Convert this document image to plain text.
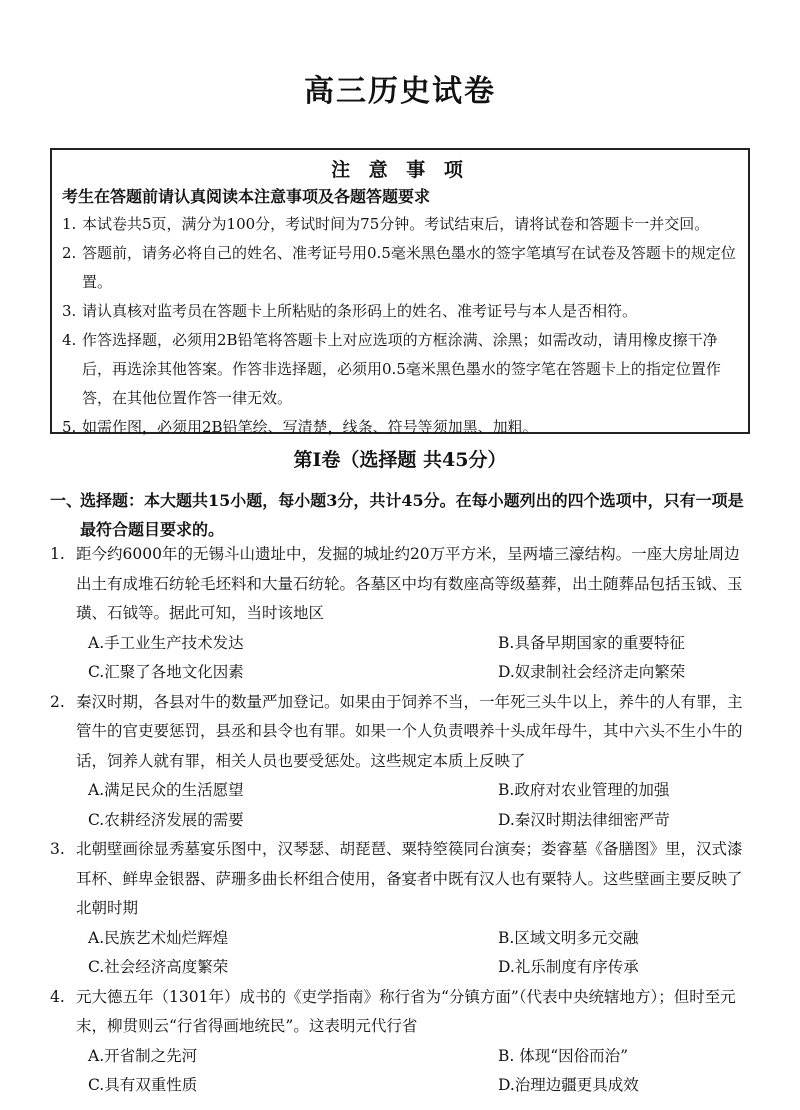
高三历史试卷
注 意 事 项
考生在答题前请认真阅读本注意事项及各题答题要求
1. 本试卷共5页，满分为100分，考试时间为75分钟。考试结束后，请将试卷和答题卡一并交回。
2. 答题前，请务必将自己的姓名、准考证号用0.5毫米黑色墨水的签字笔填写在试卷及答题卡的规定位置。
3. 请认真核对监考员在答题卡上所粘贴的条形码上的姓名、准考证号与本人是否相符。
4. 作答选择题，必须用2B铅笔将答题卡上对应选项的方框涂满、涂黑；如需改动，请用橡皮擦干净后，再选涂其他答案。作答非选择题，必须用0.5毫米黑色墨水的签字笔在答题卡上的指定位置作答，在其他位置作答一律无效。
5. 如需作图，必须用2B铅笔绘、写清楚，线条、符号等须加黑、加粗。
第Ⅰ卷（选择题 共45分）
一、
选择题：本大题共15小题，每小题3分，共计45分。在每小题列出的四个选项中，只有一项是最符合题目要求的。
1. 距今约6000年的无锡斗山遗址中，发掘的城址约20万平方米，呈两墙三濠结构。一座大房址周边出土有成堆石纺轮毛坯料和大量石纺轮。各墓区中均有数座高等级墓葬，出土随葬品包括玉钺、玉璜、石钺等。据此可知，当时该地区
A.手工业生产技术发达	B.具备早期国家的重要特征
C.汇聚了各地文化因素	D.奴隶制社会经济走向繁荣
2. 秦汉时期，各县对牛的数量严加登记。如果由于饲养不当，一年死三头牛以上，养牛的人有罪，主管牛的官吏要惩罚，县丞和县令也有罪。如果一个人负责喂养十头成年母牛，其中六头不生小牛的话，饲养人就有罪，相关人员也要受惩处。这些规定本质上反映了
A.满足民众的生活愿望	B.政府对农业管理的加强
C.农耕经济发展的需要	D.秦汉时期法律细密严苛
3. 北朝壁画徐显秀墓宴乐图中，汉琴瑟、胡琵琶、粟特箜篌同台演奏；娄睿墓《备膳图》里，汉式漆耳杯、鲜卑金银器、萨珊多曲长杯组合使用，备宴者中既有汉人也有粟特人。这些壁画主要反映了北朝时期
A.民族艺术灿烂辉煌	B.区域文明多元交融
C.社会经济高度繁荣	D.礼乐制度有序传承
4. 元大德五年（1301年）成书的《吏学指南》称行省为“分镇方面”（代表中央统辖地方）；但时至元末，柳贯则云“行省得画地统民”。这表明元代行省
A.开省制之先河	B. 体现“因俗而治”
C.具有双重性质	D.治理边疆更具成效
